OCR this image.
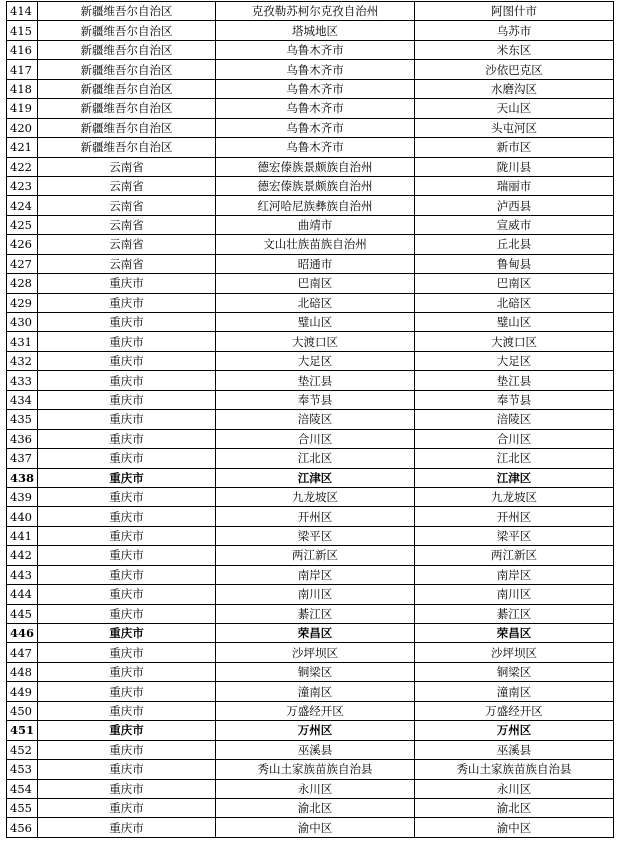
414	新疆维吾尔自治区	克孜勒苏柯尔克孜自治州	阿图什市
415	新疆维吾尔自治区	塔城地区	乌苏市
416	新疆维吾尔自治区	乌鲁木齐市	米东区
417	新疆维吾尔自治区	乌鲁木齐市	沙依巴克区
418	新疆维吾尔自治区	乌鲁木齐市	水磨沟区
419	新疆维吾尔自治区	乌鲁木齐市	天山区
420	新疆维吾尔自治区	乌鲁木齐市	头屯河区
421	新疆维吾尔自治区	乌鲁木齐市	新市区
422	云南省	德宏傣族景颇族自治州	陇川县
423	云南省	德宏傣族景颇族自治州	瑞丽市
424	云南省	红河哈尼族彝族自治州	泸西县
425	云南省	曲靖市	宣威市
426	云南省	文山壮族苗族自治州	丘北县
427	云南省	昭通市	鲁甸县
428	重庆市	巴南区	巴南区
429	重庆市	北碚区	北碚区
430	重庆市	璧山区	璧山区
431	重庆市	大渡口区	大渡口区
432	重庆市	大足区	大足区
433	重庆市	垫江县	垫江县
434	重庆市	奉节县	奉节县
435	重庆市	涪陵区	涪陵区
436	重庆市	合川区	合川区
437	重庆市	江北区	江北区
438	重庆市	江津区	江津区
439	重庆市	九龙坡区	九龙坡区
440	重庆市	开州区	开州区
441	重庆市	梁平区	梁平区
442	重庆市	两江新区	两江新区
443	重庆市	南岸区	南岸区
444	重庆市	南川区	南川区
445	重庆市	綦江区	綦江区
446	重庆市	荣昌区	荣昌区
447	重庆市	沙坪坝区	沙坪坝区
448	重庆市	铜梁区	铜梁区
449	重庆市	潼南区	潼南区
450	重庆市	万盛经开区	万盛经开区
451	重庆市	万州区	万州区
452	重庆市	巫溪县	巫溪县
453	重庆市	秀山土家族苗族自治县	秀山土家族苗族自治县
454	重庆市	永川区	永川区
455	重庆市	渝北区	渝北区
456	重庆市	渝中区	渝中区
